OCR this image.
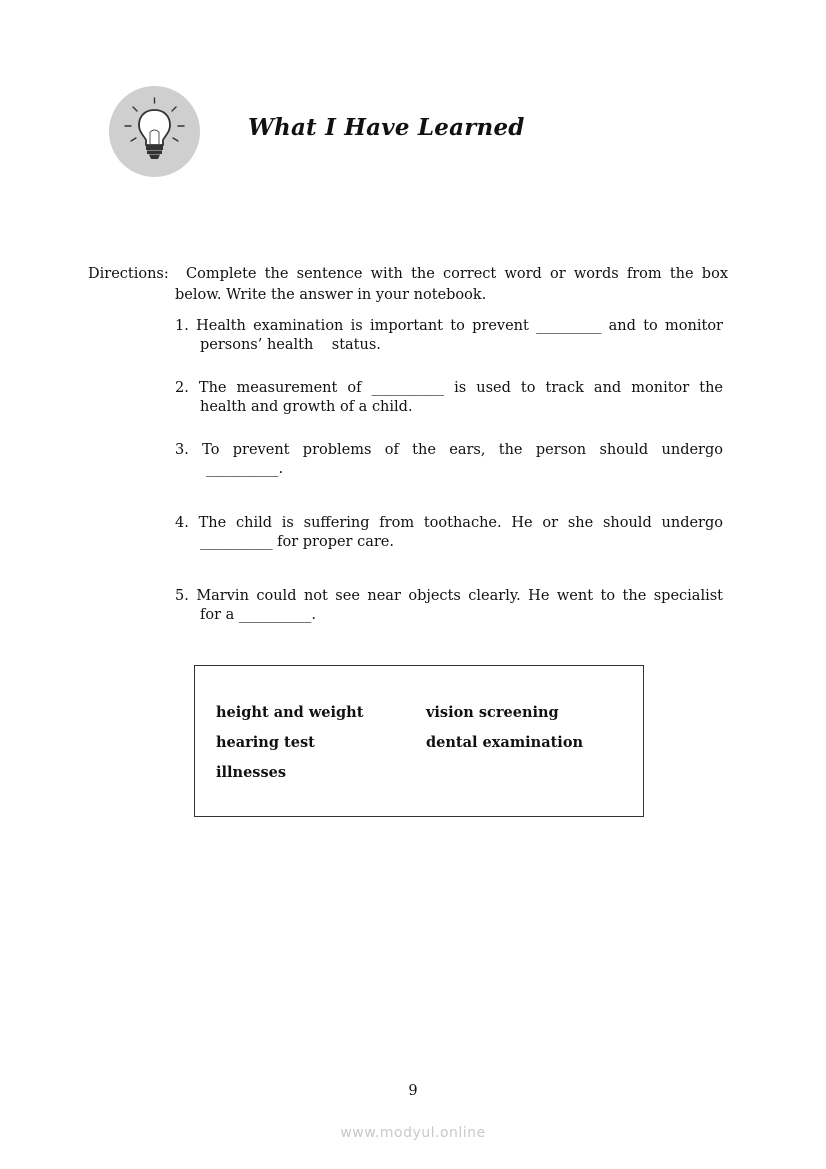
What I Have Learned
Directions:	Complete the sentence with the correct word or words from the box below. Write the answer in your notebook.
1. Health examination is important to prevent _________ and to monitor
persons’ health    status.
2. The measurement of __________ is used to track and monitor the
health and growth of a child.
3. To prevent problems of the ears, the person should undergo
__________.
4. The child is suffering from toothache. He or she should undergo
__________ for proper care.
5. Marvin could not see near objects clearly. He went to the specialist
for a __________.
height and weight	vision screening
hearing test	dental examination
illnesses
9
www.modyul.online
